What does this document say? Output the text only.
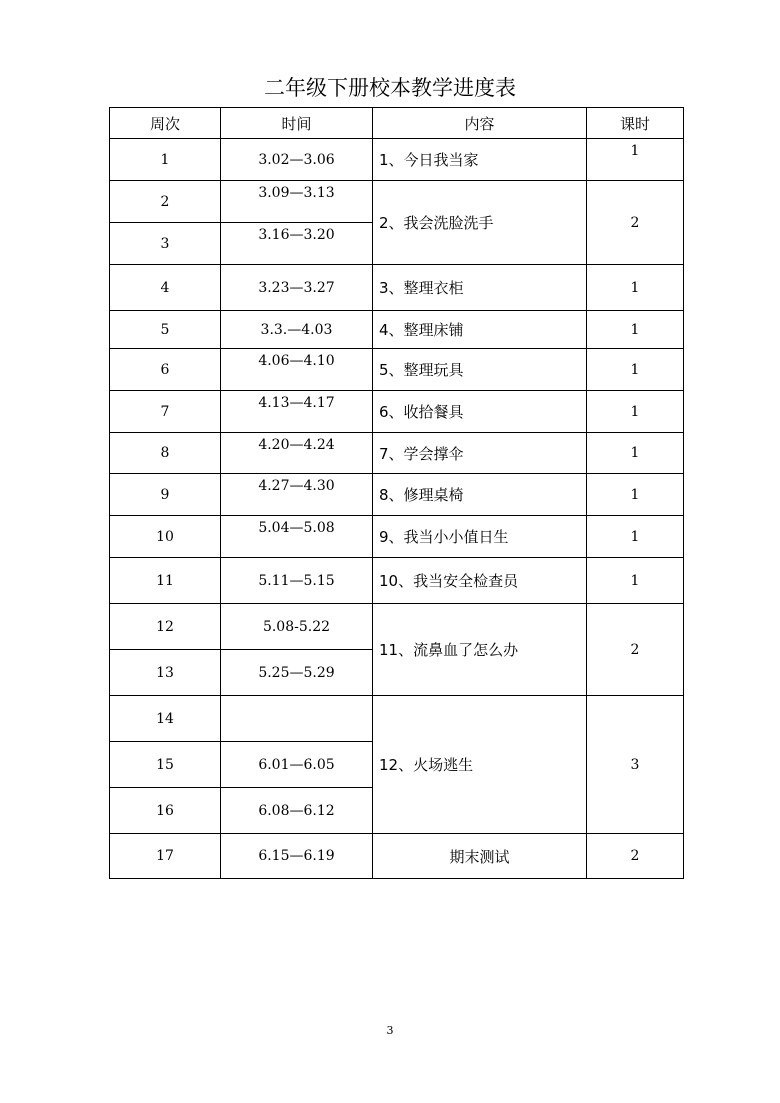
二年级下册校本教学进度表
周次	时间	内容	课时
1	3.02—3.06	1、今日我当家	1
2	3.09—3.13	2、我会洗脸洗手	2
3	3.16—3.20		
4	3.23—3.27	3、整理衣柜	1
5	3.3.—4.03	4、整理床铺	1
6	4.06—4.10	5、整理玩具	1
7	4.13—4.17	6、收拾餐具	1
8	4.20—4.24	7、学会撑伞	1
9	4.27—4.30	8、修理桌椅	1
10	5.04—5.08	9、我当小小值日生	1
11	5.11—5.15	10、我当安全检查员	1
12	5.08-5.22	11、流鼻血了怎么办	2
13	5.25—5.29		
14		12、火场逃生	3
15	6.01—6.05		
16	6.08—6.12		
17	6.15—6.19	期末测试	2
3
